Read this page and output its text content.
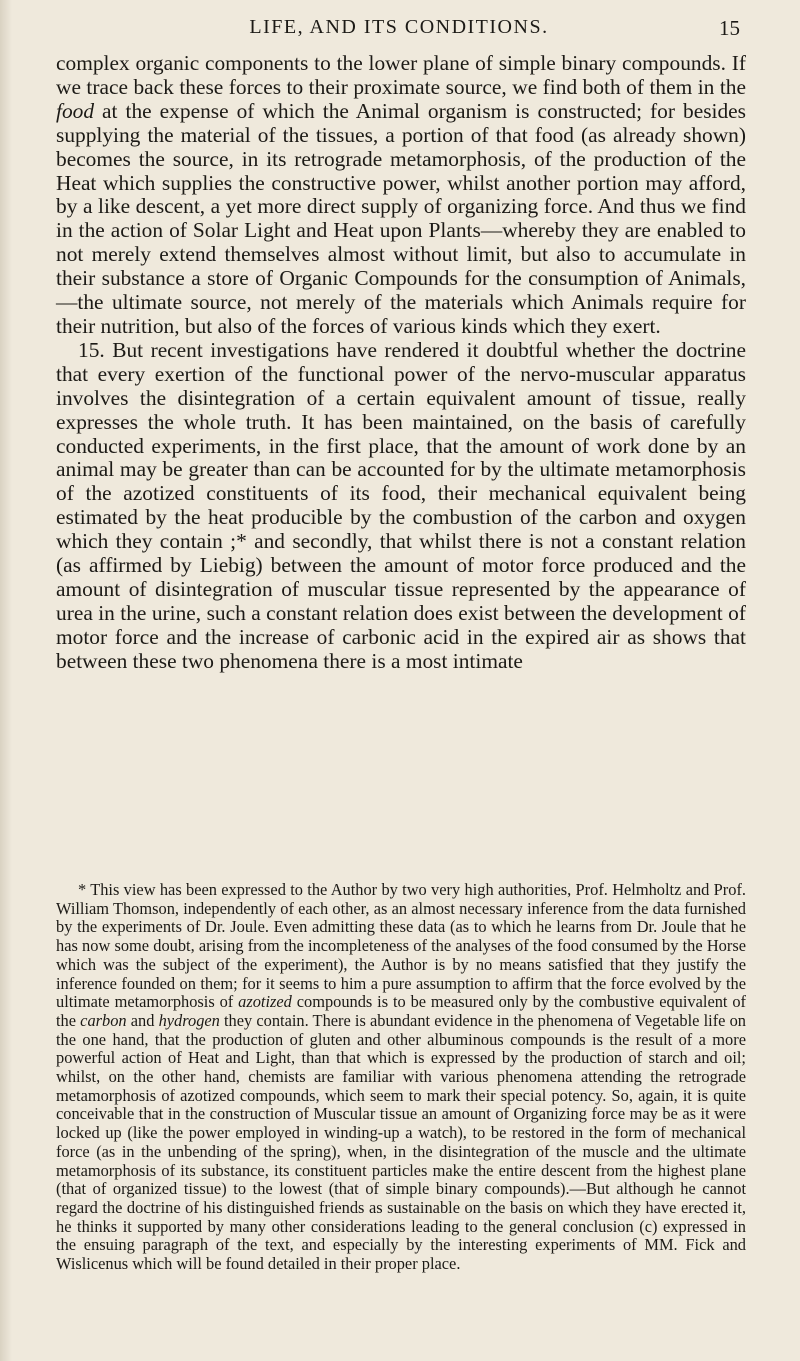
LIFE, AND ITS CONDITIONS.	15

complex organic components to the lower plane of simple binary compounds. If we trace back these forces to their proximate source, we find both of them in the food at the expense of which the Animal organism is constructed; for besides supplying the material of the tissues, a portion of that food (as already shown) becomes the source, in its retrograde metamorphosis, of the production of the Heat which supplies the constructive power, whilst another portion may afford, by a like descent, a yet more direct supply of organizing force. And thus we find in the action of Solar Light and Heat upon Plants—whereby they are enabled to not merely extend themselves almost without limit, but also to accumulate in their substance a store of Organic Compounds for the consumption of Animals,—the ultimate source, not merely of the materials which Animals require for their nutrition, but also of the forces of various kinds which they exert.

15. But recent investigations have rendered it doubtful whether the doctrine that every exertion of the functional power of the nervo-muscular apparatus involves the disintegration of a certain equivalent amount of tissue, really expresses the whole truth. It has been maintained, on the basis of carefully conducted experiments, in the first place, that the amount of work done by an animal may be greater than can be accounted for by the ultimate metamorphosis of the azotized constituents of its food, their mechanical equivalent being estimated by the heat producible by the combustion of the carbon and oxygen which they contain ;* and secondly, that whilst there is not a constant relation (as affirmed by Liebig) between the amount of motor force produced and the amount of disintegration of muscular tissue represented by the appearance of urea in the urine, such a constant relation does exist between the development of motor force and the increase of carbonic acid in the expired air as shows that between these two phenomena there is a most intimate

* This view has been expressed to the Author by two very high authorities, Prof. Helmholtz and Prof. William Thomson, independently of each other, as an almost necessary inference from the data furnished by the experiments of Dr. Joule. Even admitting these data (as to which he learns from Dr. Joule that he has now some doubt, arising from the incompleteness of the analyses of the food consumed by the Horse which was the subject of the experiment), the Author is by no means satisfied that they justify the inference founded on them; for it seems to him a pure assumption to affirm that the force evolved by the ultimate metamorphosis of azotized compounds is to be measured only by the combustive equivalent of the carbon and hydrogen they contain. There is abundant evidence in the phenomena of Vegetable life on the one hand, that the production of gluten and other albuminous compounds is the result of a more powerful action of Heat and Light, than that which is expressed by the production of starch and oil; whilst, on the other hand, chemists are familiar with various phenomena attending the retrograde metamorphosis of azotized compounds, which seem to mark their special potency. So, again, it is quite conceivable that in the construction of Muscular tissue an amount of Organizing force may be as it were locked up (like the power employed in winding-up a watch), to be restored in the form of mechanical force (as in the unbending of the spring), when, in the disintegration of the muscle and the ultimate metamorphosis of its substance, its constituent particles make the entire descent from the highest plane (that of organized tissue) to the lowest (that of simple binary compounds).—But although he cannot regard the doctrine of his distinguished friends as sustainable on the basis on which they have erected it, he thinks it supported by many other considerations leading to the general conclusion (c) expressed in the ensuing paragraph of the text, and especially by the interesting experiments of MM. Fick and Wislicenus which will be found detailed in their proper place.
